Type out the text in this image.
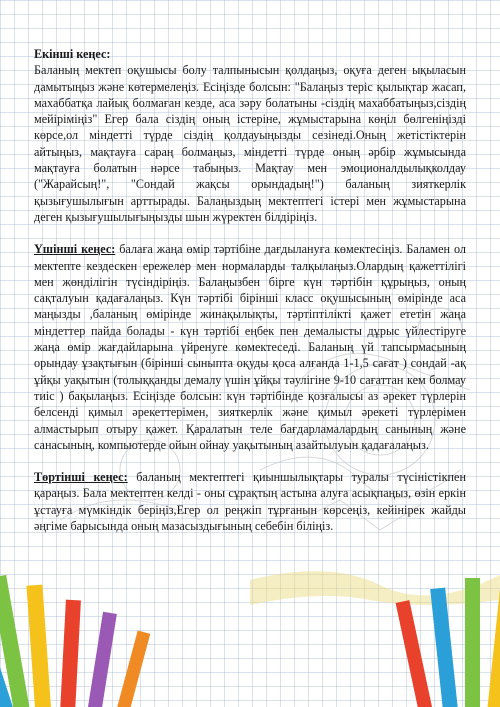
Екінші кеңес:

Баланың мектеп оқушысы болу талпынысын қолдаңыз, оқуға деген ықыласын дамытыңыз және көтермелеңіз. Есіңізде болсын: "Балаңыз теріс қылықтар жасап, махаббатқа лайық болмаған кезде, аса зәру болатыны -сіздің махаббатыңыз,сіздің мейіріміңіз" Егер бала сіздің оның істеріне, жұмыстарына көңіл бөлгеніңізді көрсе,ол міндетті түрде сіздің қолдауыңызды сезінеді.Оның жетістіктерін айтыңыз, мақтауға сараң болмаңыз, міндетті түрде оның әрбір жұмысында мақтауға болатын нәрсе табыңыз. Мақтау мен эмоционалдылықколдау ("Жарайсың!", "Сондай жақсы орындадың!") баланың зияткерлік қызығушылығын арттырады. Балаңыздың мектептегі істері мен жұмыстарына деген қызығушылығыңызды шын жүректен білдіріңіз.
Үшінші кеңес: балаға жаңа өмір тәртібіне дағдылануға көмектесіңіз. Баламен ол мектепте кездескен ережелер мен нормаларды талқылаңыз.Олардың қажеттілігі мен жөнділігін түсіндіріңіз. Балаңызбен бірге күн тәртібін құрыңыз, оның сақталуын қадағалаңыз. Күн тәртібі бірінші класс оқушысының өмірінде аса маңызды ,баланың өмірінде жинақылықты, тәртіптілікті қажет ететін жаңа міндеттер пайда болады - күн тәртібі еңбек пен демалысты дұрыс үйлестіруге жаңа өмір жағдайларына үйренуге көмектеседі. Баланың үй тапсырмасының орындау ұзақтығын (бірінші сыныпта оқуды қоса алғанда 1-1,5 сағат ) сондай -ақ ұйқы уақытын (толыққанды демалу үшін ұйқы тәулігіне 9-10 сағаттан кем болмау тиіс ) бақылаңыз. Есіңізде болсын: күн тәртібінде қозғалысы аз әрекет түрлерін белсенді қимыл әрекеттерімен, зияткерлік және қимыл әрекеті түрлерімен алмастырып отыру қажет. Қаралатын теле бағдарламалардың санының және санасының, компьютерде ойын ойнау уақытының азайтылуын қадағалаңыз.
Төртінші кеңес: баланың мектептегі қиыншылықтары туралы түсіністікпен қараңыз. Бала мектептен келді - оны сұрақтың астына алуға асықпаңыз, өзін еркін ұстауға мүмкіндік беріңіз,Егер ол реңжіп тұрғанын көрсеңіз, кейінірек жайды әңгіме барысында оның мазасыздығының себебін біліңіз.
